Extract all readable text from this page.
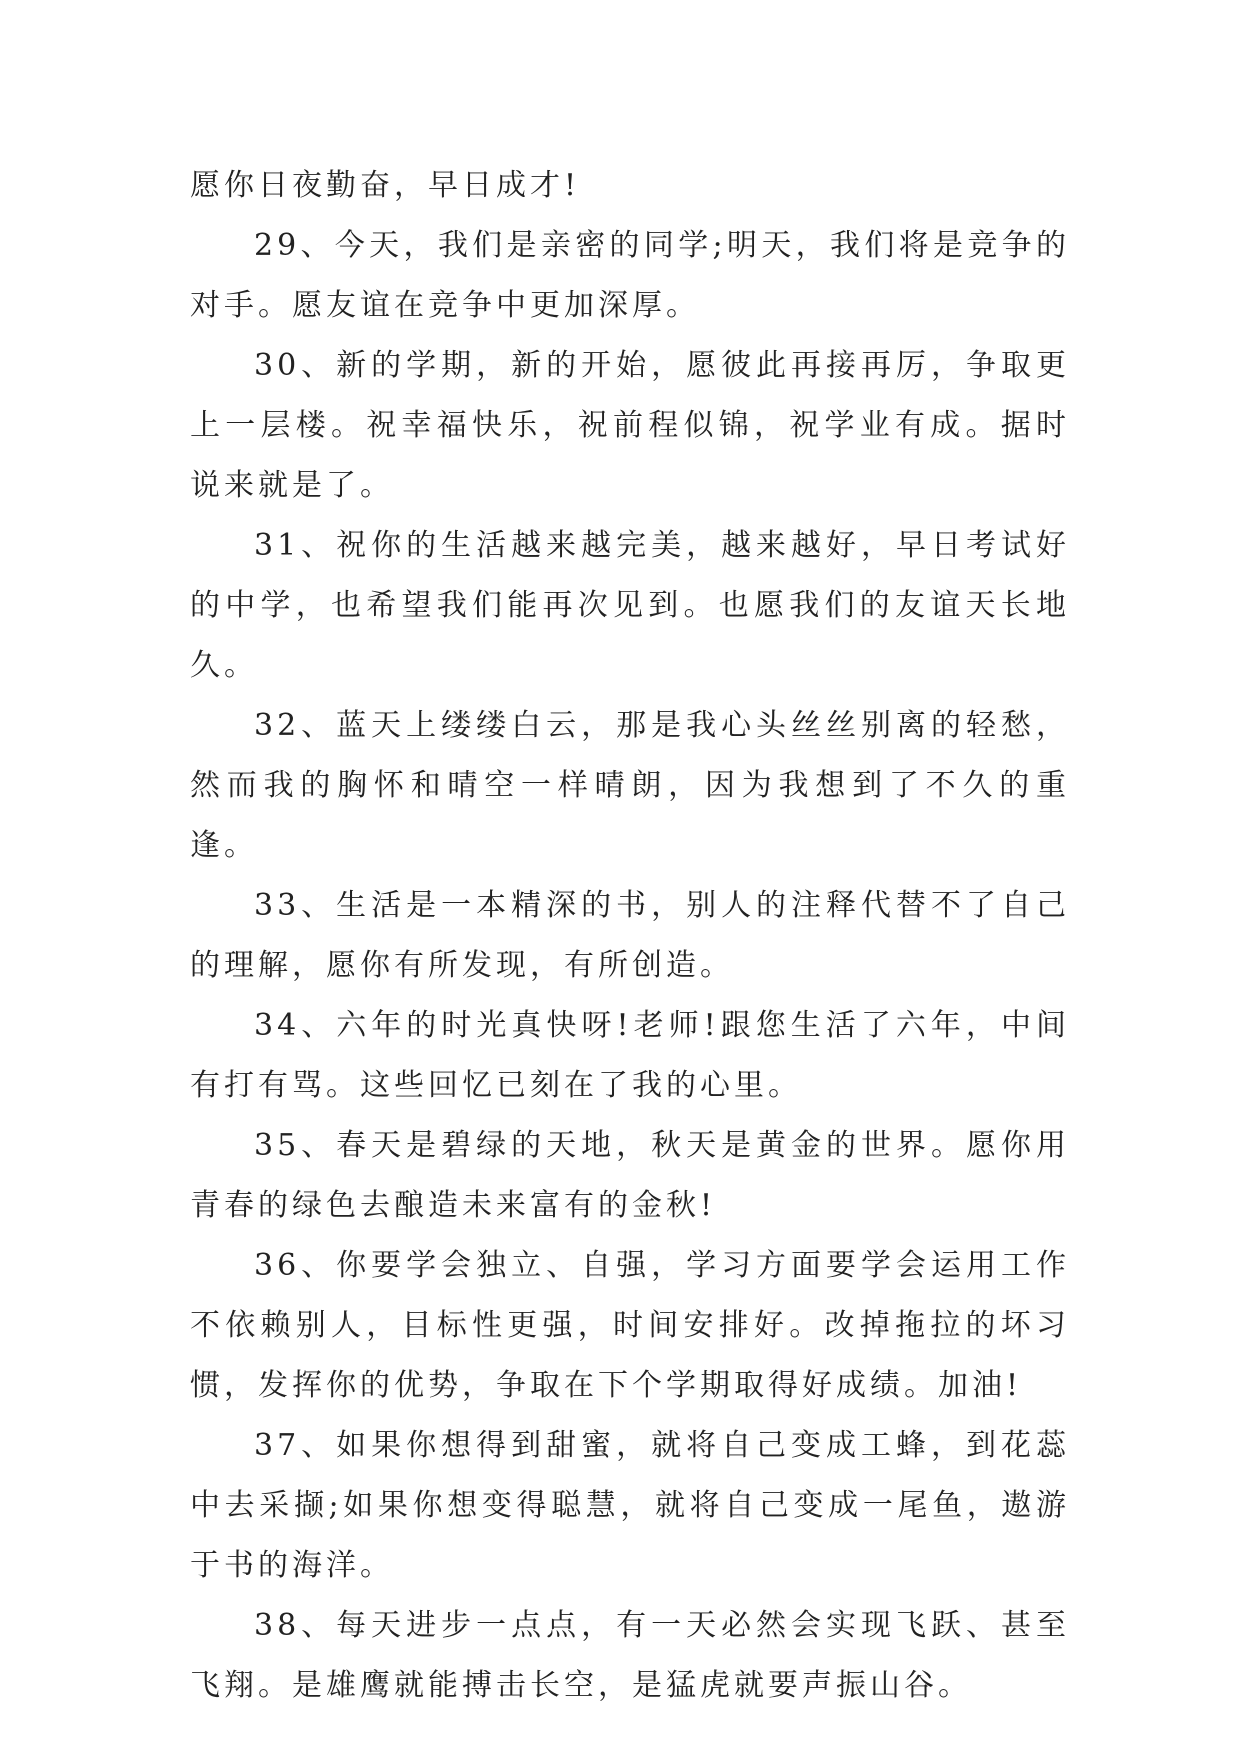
愿你日夜勤奋，早日成才!

29、今天，我们是亲密的同学;明天，我们将是竞争的对手。愿友谊在竞争中更加深厚。

30、新的学期，新的开始，愿彼此再接再厉，争取更上一层楼。祝幸福快乐，祝前程似锦，祝学业有成。据时说来就是了。

31、祝你的生活越来越完美，越来越好，早日考试好的中学，也希望我们能再次见到。也愿我们的友谊天长地久。

32、蓝天上缕缕白云，那是我心头丝丝别离的轻愁，然而我的胸怀和晴空一样晴朗，因为我想到了不久的重逢。

33、生活是一本精深的书，别人的注释代替不了自己的理解，愿你有所发现，有所创造。

34、六年的时光真快呀!老师!跟您生活了六年，中间有打有骂。这些回忆已刻在了我的心里。

35、春天是碧绿的天地，秋天是黄金的世界。愿你用青春的绿色去酿造未来富有的金秋!

36、你要学会独立、自强，学习方面要学会运用工作不依赖别人，目标性更强，时间安排好。改掉拖拉的坏习惯，发挥你的优势，争取在下个学期取得好成绩。加油!

37、如果你想得到甜蜜，就将自己变成工蜂，到花蕊中去采撷;如果你想变得聪慧，就将自己变成一尾鱼，遨游于书的海洋。

38、每天进步一点点，有一天必然会实现飞跃、甚至飞翔。是雄鹰就能搏击长空，是猛虎就要声振山谷。
